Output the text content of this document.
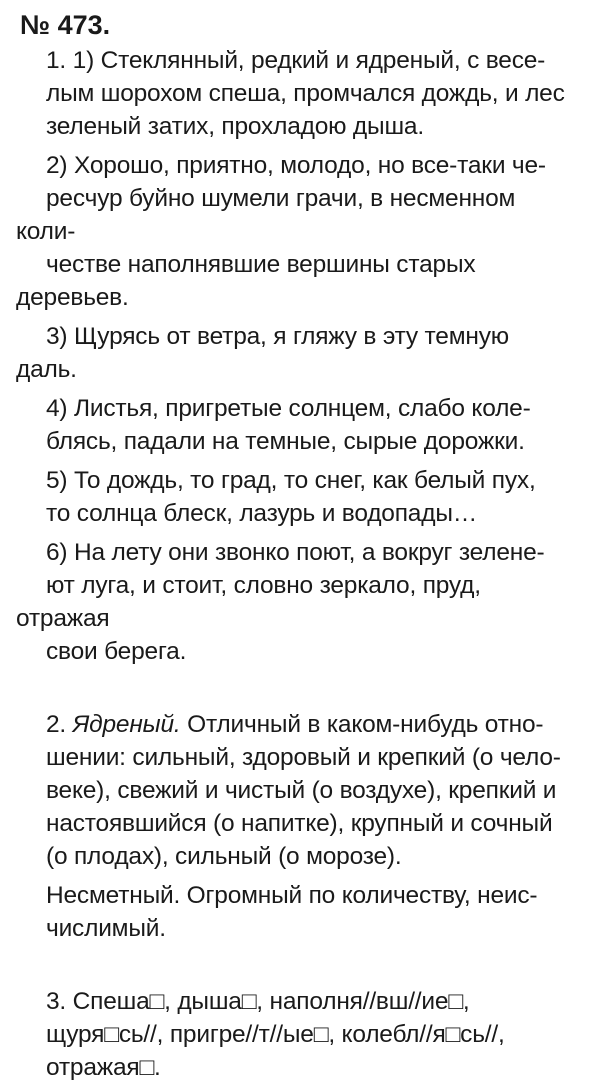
№ 473.
1. 1) Стеклянный, редкий и ядреный, с весе-
лым шорохом спеша, промчался дождь, и лес
зеленый затих, прохладою дыша.
2) Хорошо, приятно, молодо, но все-таки че-
ресчур буйно шумели грачи, в несменном коли-
честве наполнявшие вершины старых деревьев.
3) Щурясь от ветра, я гляжу в эту темную даль.
4) Листья, пригретые солнцем, слабо коле-
блясь, падали на темные, сырые дорожки.
5) То дождь, то град, то снег, как белый пух,
то солнца блеск, лазурь и водопады…
6) На лету они звонко поют, а вокруг зелене-
ют луга, и стоит, словно зеркало, пруд, отражая
свои берега.
2. Ядреный. Отличный в каком-нибудь отно-
шении: сильный, здоровый и крепкий (о чело-
веке), свежий и чистый (о воздухе), крепкий и
настоявшийся (о напитке), крупный и сочный
(о плодах), сильный (о морозе).
Несметный. Огромный по количеству, неис-
числимый.
3. Спеша□, дыша□, наполня//вш//ие□,
щуря□сь//, пригре//т//ые□, колебл//я□сь//,
отражая□.
